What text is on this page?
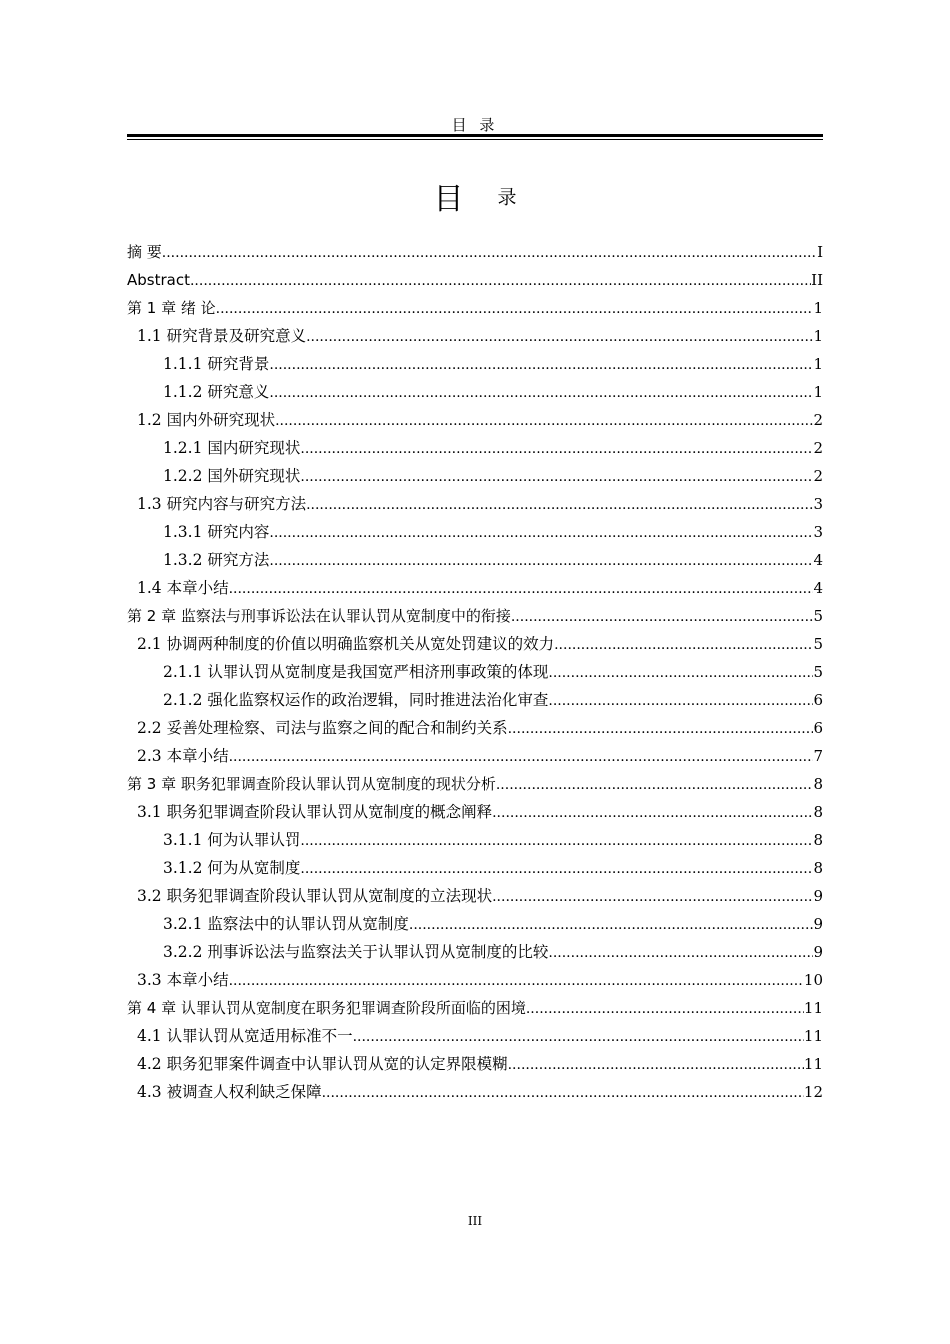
目 录
目 录
摘 要 .....	I
Abstract .....	II
第 1 章 绪 论 .....	1
1.1 研究背景及研究意义 .....	1
1.1.1 研究背景 .....	1
1.1.2 研究意义 .....	1
1.2 国内外研究现状 .....	2
1.2.1 国内研究现状 .....	2
1.2.2 国外研究现状 .....	2
1.3 研究内容与研究方法 .....	3
1.3.1 研究内容 .....	3
1.3.2 研究方法 .....	4
1.4 本章小结 .....	4
第 2 章 监察法与刑事诉讼法在认罪认罚从宽制度中的衔接 .....	5
2.1 协调两种制度的价值以明确监察机关从宽处罚建议的效力 .....	5
2.1.1 认罪认罚从宽制度是我国宽严相济刑事政策的体现 .....	5
2.1.2 强化监察权运作的政治逻辑，同时推进法治化审查 .....	6
2.2 妥善处理检察、司法与监察之间的配合和制约关系 .....	6
2.3 本章小结 .....	7
第 3 章 职务犯罪调查阶段认罪认罚从宽制度的现状分析 .....	8
3.1 职务犯罪调查阶段认罪认罚从宽制度的概念阐释 .....	8
3.1.1 何为认罪认罚 .....	8
3.1.2 何为从宽制度 .....	8
3.2 职务犯罪调查阶段认罪认罚从宽制度的立法现状 .....	9
3.2.1 监察法中的认罪认罚从宽制度 .....	9
3.2.2 刑事诉讼法与监察法关于认罪认罚从宽制度的比较 .....	9
3.3 本章小结 .....	10
第 4 章 认罪认罚从宽制度在职务犯罪调查阶段所面临的困境 .....	11
4.1 认罪认罚从宽适用标准不一 .....	11
4.2 职务犯罪案件调查中认罪认罚从宽的认定界限模糊 .....	11
4.3 被调查人权利缺乏保障 .....	12
III
